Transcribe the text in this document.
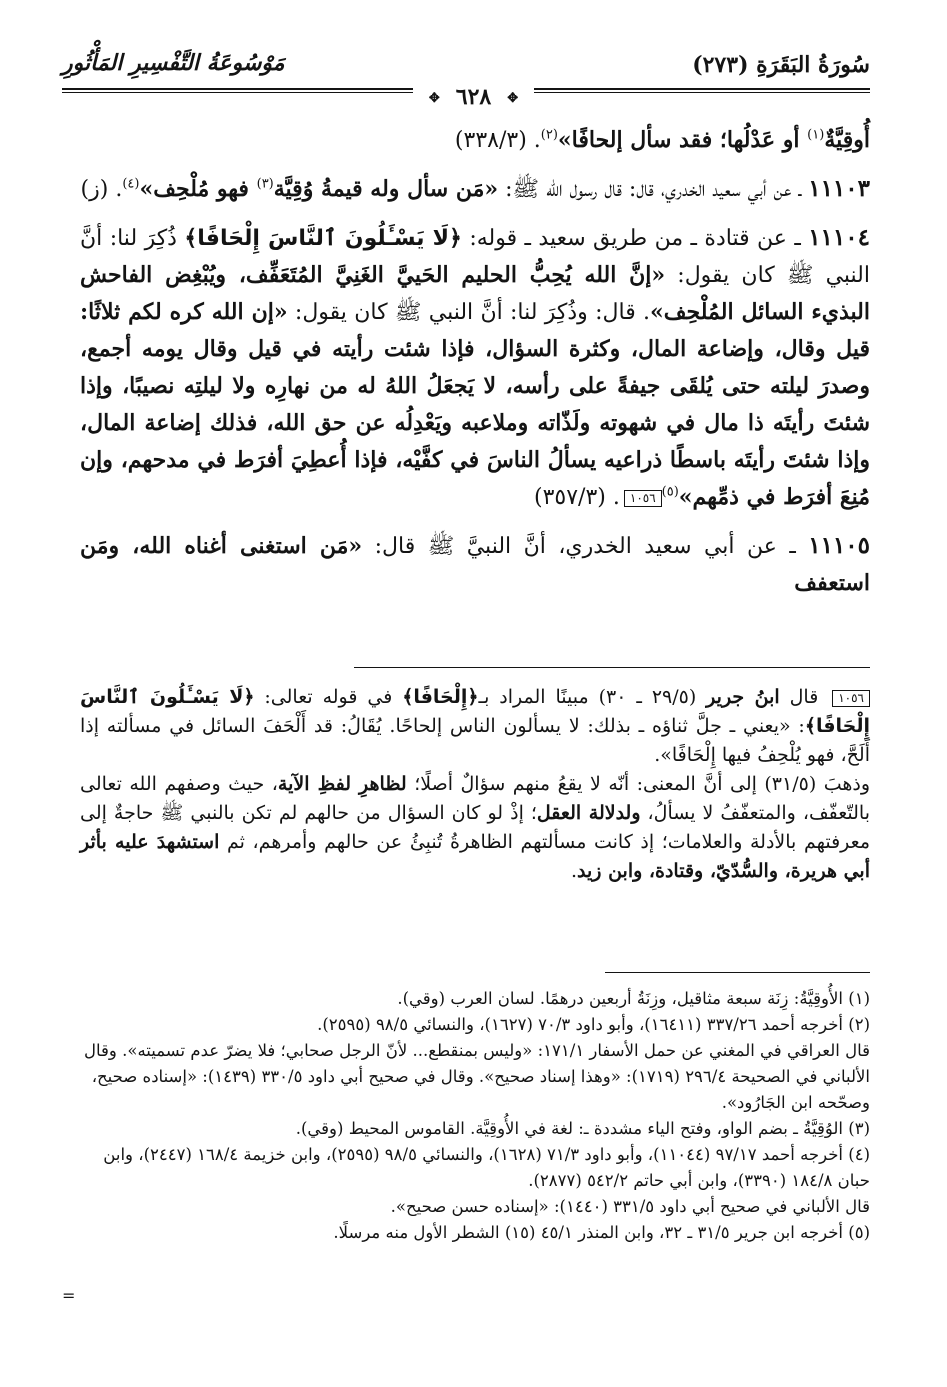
سُورَةُ البَقَرَةِ (٢٧٣)
مَوْسُوعَةُ التَّفْسِيرِ المَأْثُورِ
✥ ٦٢٨ ✥

أُوقِيَّةٌ$^{(١)}$ أو عَدْلُها؛ فقد سأل إلحافًا»$^{(٢)}$. (٣٣٨/٣)

١١١٠٣ ـ عن أبي سعيد الخدري، قال: قال رسول الله ﷺ: «مَن سأل وله قيمةُ وُقِيَّة$^{(٣)}$ فهو مُلْحِف»$^{(٤)}$. (ز)

١١١٠٤ ـ عن قتادة ـ من طريق سعيد ـ قوله: ﴿لَا يَسْـَٔلُونَ ٱلنَّاسَ إِلْحَافًا﴾ ذُكِرَ لنا: أنَّ النبي ﷺ كان يقول: «إنَّ الله يُحِبُّ الحليم الحَييَّ الغَنِيَّ المُتَعَفِّف، ويُبْغِض الفاحش البذيء السائل المُلْحِف». قال: وذُكِرَ لنا: أنَّ النبي ﷺ كان يقول: «إن الله كره لكم ثلاثًا: قيل وقال، وإضاعة المال، وكثرة السؤال، فإذا شئت رأيته في قيل وقال يومه أجمع، وصدرَ ليلته حتى يُلقَى جيفةً على رأسه، لا يَجعَلُ اللهُ له من نهارِه ولا ليلتِه نصيبًا، وإذا شئتَ رأيتَه ذا مال في شهوته ولَذّاته وملاعبه ويَعْدِلُه عن حق الله، فذلك إضاعة المال، وإذا شئتَ رأيتَه باسطًا ذراعيه يسألُ الناسَ في كفَّيْه، فإذا أُعطِيَ أفرَط في مدحهم، وإن مُنِعَ أفرَط في ذمِّهم»$^{(٥)}$١٠٥٦. (٣٥٧/٣)

١١١٠٥ ـ عن أبي سعيد الخدري، أنَّ النبيَّ ﷺ قال: «مَن استغنى أغناه الله، ومَن استعفف

١٠٥٦ قال ابنُ جرير (٢٩/٥ ـ ٣٠) مبينًا المراد بـ﴿إِلْحَافًا﴾ في قوله تعالى: ﴿لَا يَسْـَٔلُونَ ٱلنَّاسَ إِلْحَافًا﴾: «يعني ـ جلَّ ثناؤه ـ بذلك: لا يسألون الناس إلحاحًا. يُقَالُ: قد أَلْحَفَ السائل في مسألته إذا أَلَحَّ، فهو يُلْحِفُ فيها إِلْحَافًا».

وذهبَ (٣١/٥) إلى أنَّ المعنى: أنّه لا يقعُ منهم سؤالٌ أصلًا؛ لظاهرِ لفظِ الآية، حيث وصفهم الله تعالى بالتّعفّف، والمتعفّفُ لا يسألُ، ولدلالة العقل؛ إذْ لو كان السؤال من حالهم لم تكن بالنبي ﷺ حاجةٌ إلى معرفتهم بالأدلة والعلامات؛ إذ كانت مسألتهم الظاهرةُ تُنبِئُ عن حالهم وأمرهم، ثم استشهدَ عليه بأثر أبي هريرة، والسُّدّيّ، وقتادة، وابن زيد.

(١) الأُوقِيَّةُ: زِنَة سبعة مثاقيل، وزِنَةُ أربعين درهمًا. لسان العرب (وقي).

(٢) أخرجه أحمد ٣٣٧/٢٦ (١٦٤١١)، وأبو داود ٧٠/٣ (١٦٢٧)، والنسائي ٩٨/٥ (٢٥٩٥).

قال العراقي في المغني عن حمل الأسفار ١٧١/١: «وليس بمنقطع... لأنّ الرجل صحابي؛ فلا يضرّ عدم تسميته». وقال الألباني في الصحيحة ٢٩٦/٤ (١٧١٩): «وهذا إسناد صحيح». وقال في صحيح أبي داود ٣٣٠/٥ (١٤٣٩): «إسناده صحيح، وصحّحه ابن الجَارُود».

(٣) الوُقِيَّةُ ـ بضم الواو، وفتح الياء مشددة ـ: لغة في الأُوقِيَّة. القاموس المحيط (وقي).

(٤) أخرجه أحمد ٩٧/١٧ (١١٠٤٤)، وأبو داود ٧١/٣ (١٦٢٨)، والنسائي ٩٨/٥ (٢٥٩٥)، وابن خزيمة ١٦٨/٤ (٢٤٤٧)، وابن حبان ١٨٤/٨ (٣٣٩٠)، وابن أبي حاتم ٥٤٢/٢ (٢٨٧٧).

قال الألباني في صحيح أبي داود ٣٣١/٥ (١٤٤٠): «إسناده حسن صحيح».

(٥) أخرجه ابن جرير ٣١/٥ ـ ٣٢، وابن المنذر ٤٥/١ (١٥) الشطر الأول منه مرسلًا.

=
